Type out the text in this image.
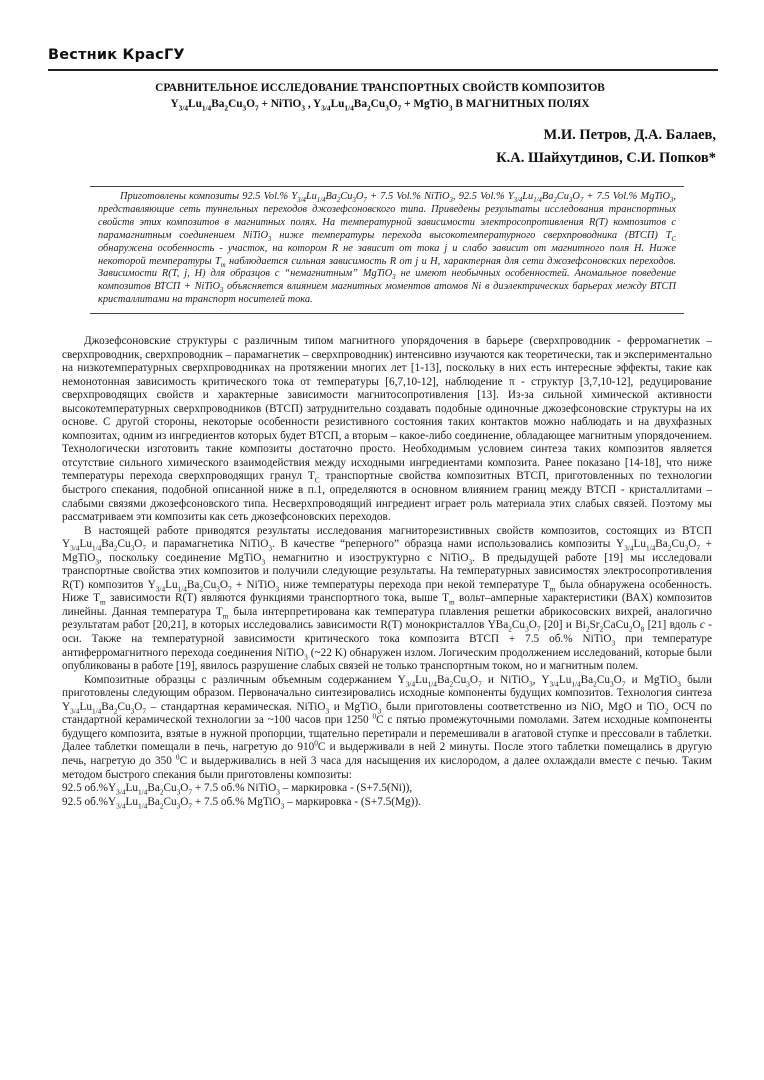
Вестник КрасГУ
СРАВНИТЕЛЬНОЕ ИССЛЕДОВАНИЕ ТРАНСПОРТНЫХ СВОЙСТВ КОМПОЗИТОВ
$Y_{3/4}Lu_{1/4}Ba_2Cu_3O_7$ + NiTiO$_3$ , $Y_{3/4}Lu_{1/4}Ba_2Cu_3O_7$ + MgTiO$_3$ В МАГНИТНЫХ ПОЛЯХ
М.И. Петров, Д.А. Балаев,
К.А. Шайхутдинов, С.И. Попков*
Приготовлены композиты 92.5 Vol.% $Y_{3/4}Lu_{1/4}Ba_2Cu_3O_7 + 7.5$ Vol.% NiTiO$_3$, 92.5 Vol.% $Y_{3/4}Lu_{1/4}Ba_2Cu_3O_7 + 7.5$ Vol.% MgTiO$_3$, представляющие сеть туннельных переходов джозефсоновского типа. Приведены результаты исследования транспортных свойств этих композитов в магнитных полях. На температурной зависимости электросопротивления R(T) композитов с парамагнитным соединением NiTiO$_3$ ниже температуры перехода высокотемпературного сверхпроводника (ВТСП) $T_C$ обнаружена особенность - участок, на котором R не зависит от тока j и слабо зависит от магнитного поля H. Ниже некоторой температуры $T_m$ наблюдается сильная зависимость R от j и H, характерная для сети джозефсоновских переходов. Зависимости R(T, j, H) для образцов с “немагнитным” MgTiO$_3$ не имеют необычных особенностей. Аномальное поведение композитов ВТСП + NiTiO$_3$ объясняется влиянием магнитных моментов атомов Ni в диэлектрических барьерах между ВТСП кристаллитами на транспорт носителей тока.

Джозефсоновские структуры с различным типом магнитного упорядочения в барьере (сверхпроводник - ферромагнетик – сверхпроводник, сверхпроводник – парамагнетик – сверхпроводник) интенсивно изучаются как теоретически, так и экспериментально на низкотемпературных сверхпроводниках на протяжении многих лет [1-13], поскольку в них есть интересные эффекты, такие как немонотонная зависимость критического тока от температуры [6,7,10-12], наблюдение π - структур [3,7,10-12], редуцирование сверхпроводящих свойств и характерные зависимости магнитосопротивления [13]. Из-за сильной химической активности высокотемпературных сверхпроводников (ВТСП) затруднительно создавать подобные одиночные джозефсоновские структуры на их основе. С другой стороны, некоторые особенности резистивного состояния таких контактов можно наблюдать и на двухфазных композитах, одним из ингредиентов которых будет ВТСП, а вторым – какое-либо соединение, обладающее магнитным упорядочением. Технологически изготовить такие композиты достаточно просто. Необходимым условием синтеза таких композитов является отсутствие сильного химического взаимодействия между исходными ингредиентами композита. Ранее показано [14-18], что ниже температуры перехода сверхпроводящих гранул $T_C$ транспортные свойства композитных ВТСП, приготовленных по технологии быстрого спекания, подобной описанной ниже в п.1, определяются в основном влиянием границ между ВТСП - кристаллитами – слабыми связями джозефсоновского типа. Несверхпроводящий ингредиент играет роль материала этих слабых связей. Поэтому мы рассматриваем эти композиты как сеть джозефсоновских переходов.

В настоящей работе приводятся результаты исследования магниторезистивных свойств композитов, состоящих из ВТСП $Y_{3/4}Lu_{1/4}Ba_2Cu_3O_7$ и парамагнетика NiTiO$_3$. В качестве “реперного” образца нами использовались композиты $Y_{3/4}Lu_{1/4}Ba_2Cu_3O_7$ + MgTiO$_3$, поскольку соединение MgTiO$_3$ немагнитно и изоструктурно с NiTiO$_3$. В предыдущей работе [19] мы исследовали транспортные свойства этих композитов и получили следующие результаты. На температурных зависимостях электросопротивления R(T) композитов $Y_{3/4}Lu_{1/4}Ba_2Cu_3O_7$ + NiTiO$_3$ ниже температуры перехода при некой температуре $T_m$ была обнаружена особенность. Ниже $T_m$ зависимости R(T) являются функциями транспортного тока, выше $T_m$ вольт–амперные характеристики (ВАХ) композитов линейны. Данная температура $T_m$ была интерпретирована как температура плавления решетки абрикосовских вихрей, аналогично результатам работ [20,21], в которых исследовались зависимости R(T) монокристаллов $YBa_2Cu_3O_7$ [20] и $Bi_2Sr_2CaCu_2O_8$ [21] вдоль c - оси. Также на температурной зависимости критического тока композита ВТСП + 7.5 об.% NiTiO$_3$ при температуре антиферромагнитного перехода соединения NiTiO$_3$ (~22 K) обнаружен излом. Логическим продолжением исследований, которые были опубликованы в работе [19], явилось разрушение слабых связей не только транспортным током, но и магнитным полем.

Композитные образцы с различным объемным содержанием $Y_{3/4}Lu_{1/4}Ba_2Cu_3O_7$ и NiTiO$_3$, $Y_{3/4}Lu_{1/4}Ba_2Cu_3O_7$ и MgTiO$_3$ были приготовлены следующим образом. Первоначально синтезировались исходные компоненты будущих композитов. Технология синтеза $Y_{3/4}Lu_{1/4}Ba_2Cu_3O_7$ – стандартная керамическая. NiTiO$_3$ и MgTiO$_3$ были приготовлены соответственно из NiO, MgO и TiO$_2$ ОСЧ по стандартной керамической технологии за ~100 часов при 1250 $^0$С с пятью промежуточными помолами. Затем исходные компоненты будущего композита, взятые в нужной пропорции, тщательно перетирали и перемешивали в агатовой ступке и прессовали в таблетки. Далее таблетки помещали в печь, нагретую до $910^0С$ и выдерживали в ней 2 минуты. После этого таблетки помещались в другую печь, нагретую до 350 $^0$С и выдерживались в ней 3 часа для насыщения их кислородом, а далее охлаждали вместе с печью. Таким методом быстрого спекания были приготовлены композиты:

92.5 $об.\%Y_{3/4}Lu_{1/4}Ba_2Cu_3O_7 + 7.5$ об.% NiTiO$_3$ – маркировка - (S+7.5(Ni)),

92.5 $об.\%Y_{3/4}Lu_{1/4}Ba_2Cu_3O_7 + 7.5$ об.% MgTiO$_3$ – маркировка - (S+7.5(Mg)).
